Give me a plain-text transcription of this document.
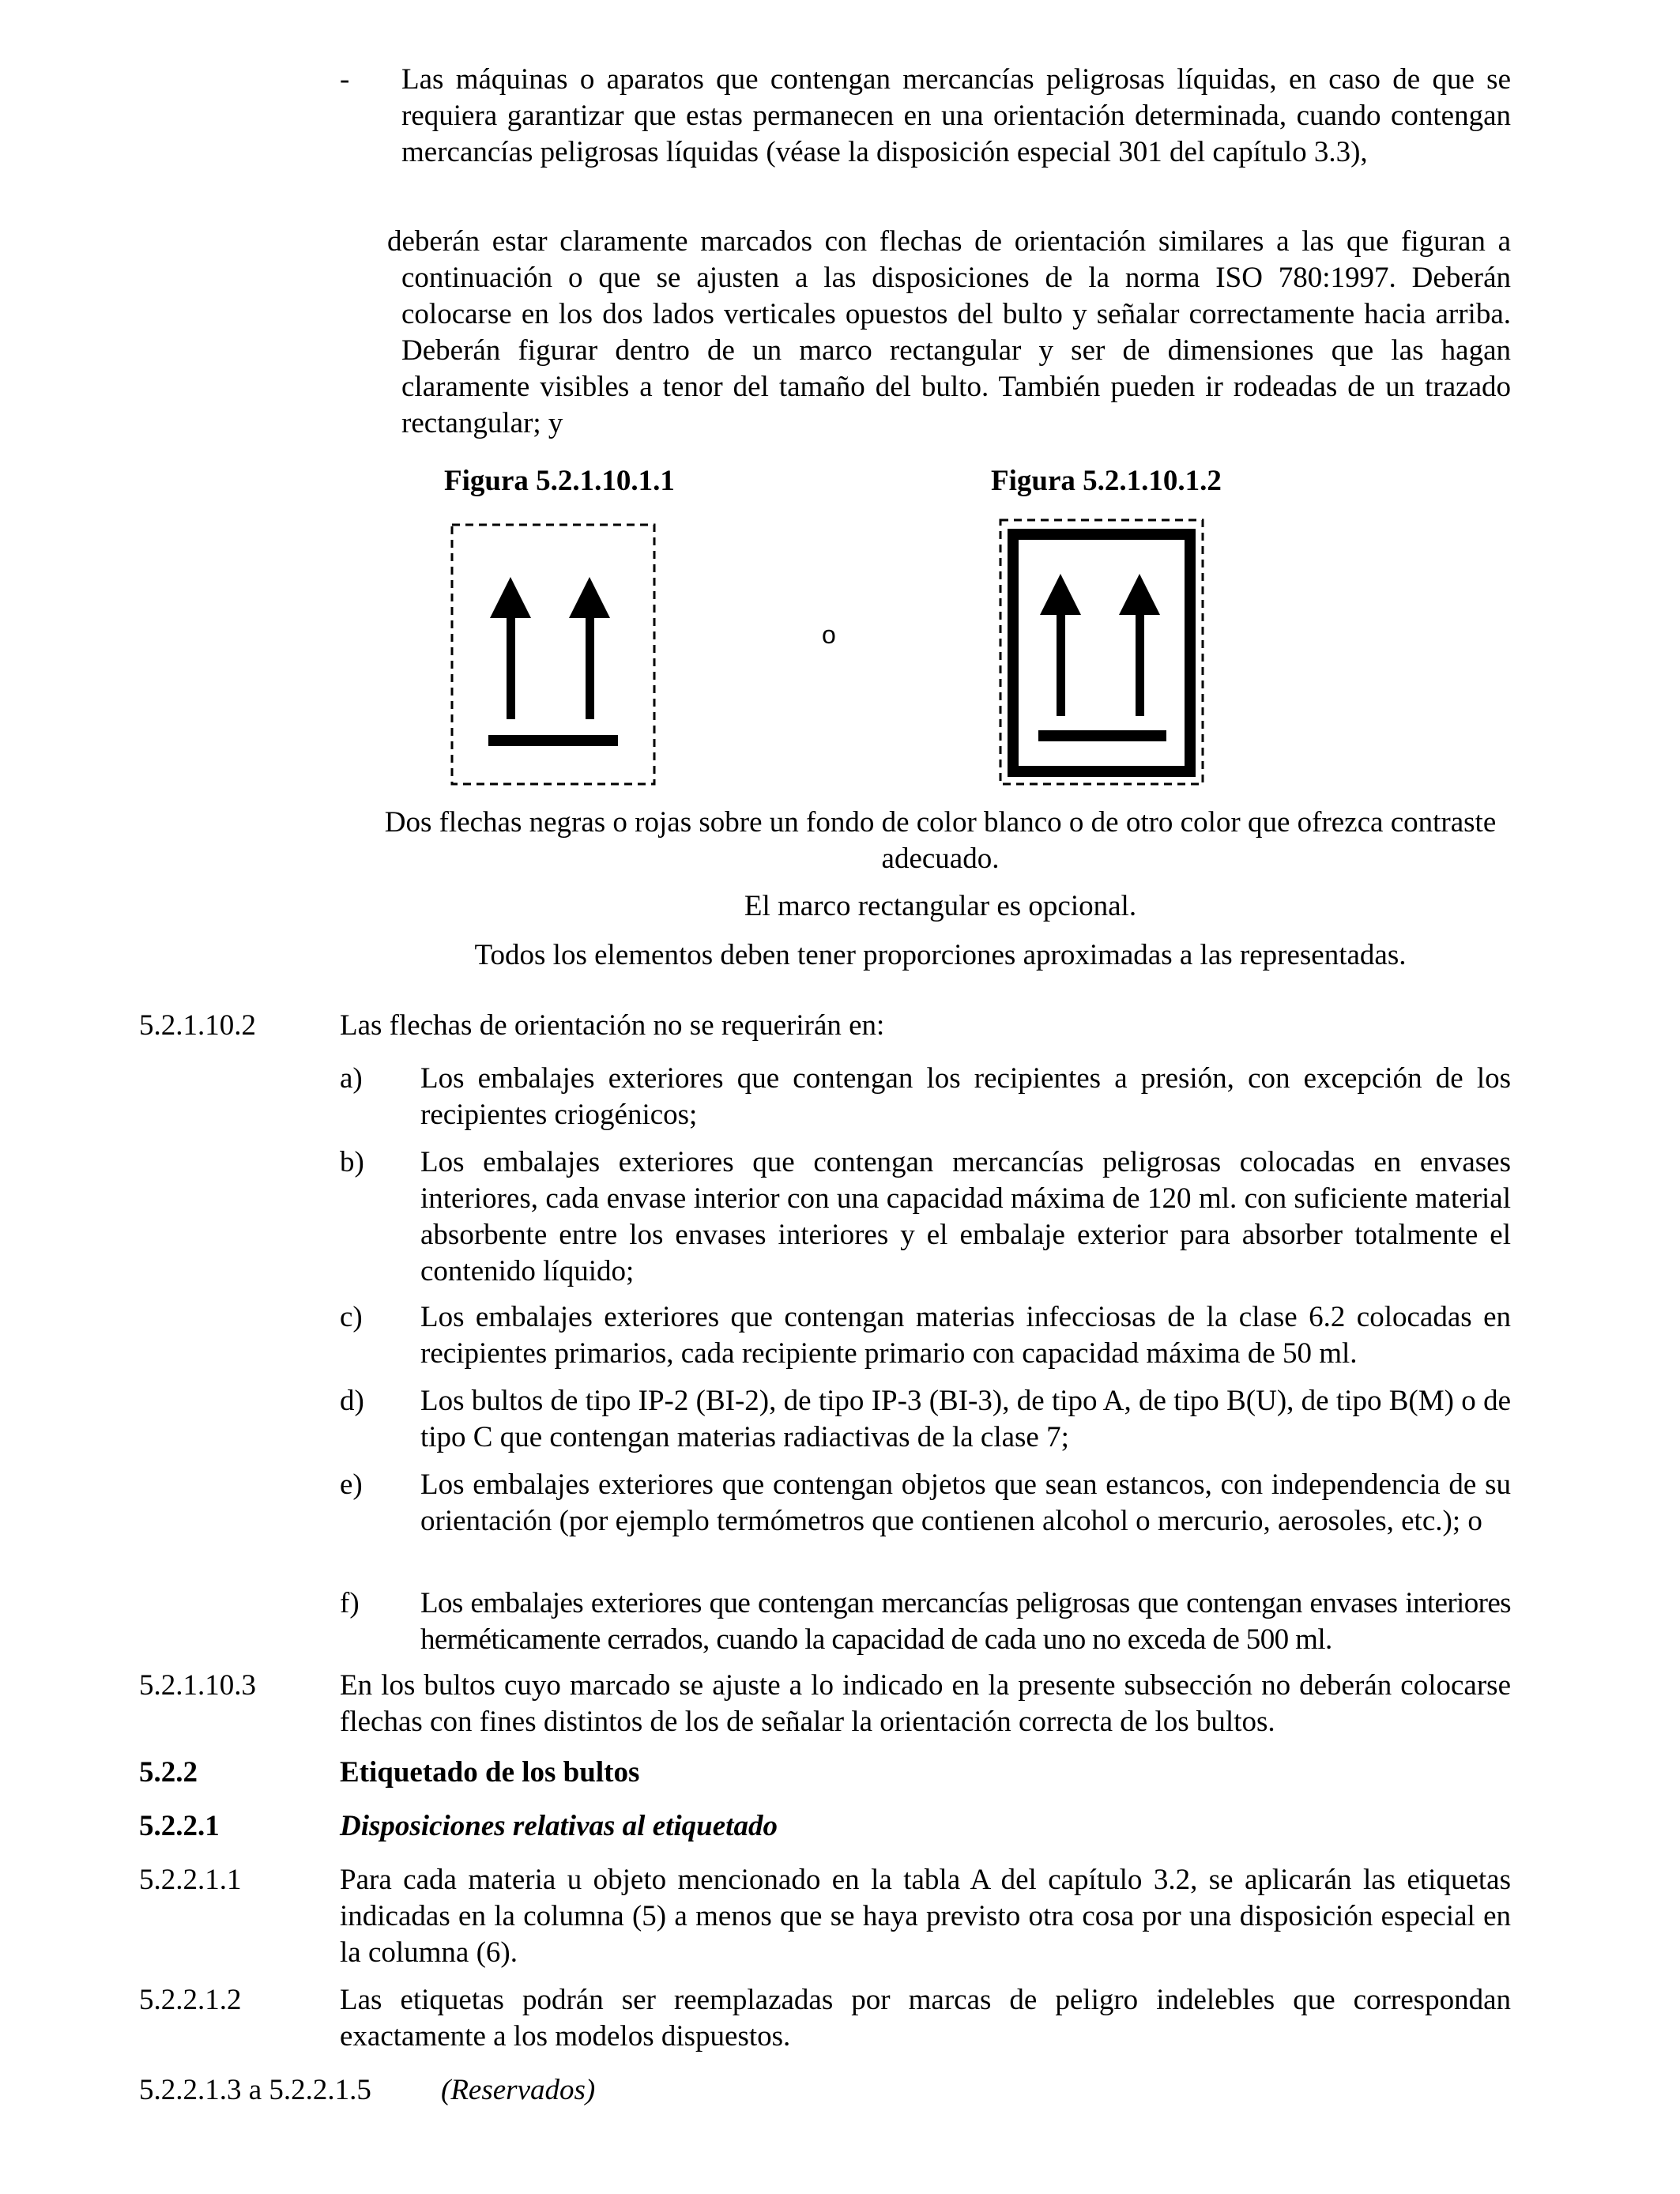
-	Las máquinas o aparatos que contengan mercancías peligrosas líquidas, en caso de que se requiera garantizar que estas permanecen en una orientación determinada, cuando contengan mercancías peligrosas líquidas (véase la disposición especial 301 del capítulo 3.3),
deberán estar claramente marcados con flechas de orientación similares a las que figuran a continuación o que se ajusten a las disposiciones de la norma ISO 780:1997. Deberán colocarse en los dos lados verticales opuestos del bulto y señalar correctamente hacia arriba. Deberán figurar dentro de un marco rectangular y ser de dimensiones que las hagan claramente visibles a tenor del tamaño del bulto. También pueden ir rodeadas de un trazado rectangular; y
Figura 5.2.1.10.1.1	Figura 5.2.1.10.1.2
o
Dos flechas negras o rojas sobre un fondo de color blanco o de otro color que ofrezca contraste adecuado.
El marco rectangular es opcional.
Todos los elementos deben tener proporciones aproximadas a las representadas.
5.2.1.10.2	Las flechas de orientación no se requerirán en:
a)	Los embalajes exteriores que contengan los recipientes a presión, con excepción de los recipientes criogénicos;
b)	Los embalajes exteriores que contengan mercancías peligrosas colocadas en envases interiores, cada envase interior con una capacidad máxima de 120 ml. con suficiente material absorbente entre los envases interiores y el embalaje exterior para absorber totalmente el contenido líquido;
c)	Los embalajes exteriores que contengan materias infecciosas de la clase 6.2 colocadas en recipientes primarios, cada recipiente primario con capacidad máxima de 50 ml.
d)	Los bultos de tipo IP-2 (BI-2), de tipo IP-3 (BI-3), de tipo A, de tipo B(U), de tipo B(M) o de tipo C que contengan materias radiactivas de la clase 7;
e)	Los embalajes exteriores que contengan objetos que sean estancos, con independencia de su orientación (por ejemplo termómetros que contienen alcohol o mercurio, aerosoles, etc.); o
f)	Los embalajes exteriores que contengan mercancías peligrosas que contengan envases interiores herméticamente cerrados, cuando la capacidad de cada uno no exceda de 500 ml.
5.2.1.10.3	En los bultos cuyo marcado se ajuste a lo indicado en la presente subsección no deberán colocarse flechas con fines distintos de los de señalar la orientación correcta de los bultos.
5.2.2	Etiquetado de los bultos
5.2.2.1	Disposiciones relativas al etiquetado
5.2.2.1.1	Para cada materia u objeto mencionado en la tabla A del capítulo 3.2, se aplicarán las etiquetas indicadas en la columna (5) a menos que se haya previsto otra cosa por una disposición especial en la columna (6).
5.2.2.1.2	Las etiquetas podrán ser reemplazadas por marcas de peligro indelebles que correspondan exactamente a los modelos dispuestos.
5.2.2.1.3 a 5.2.2.1.5 (Reservados)
